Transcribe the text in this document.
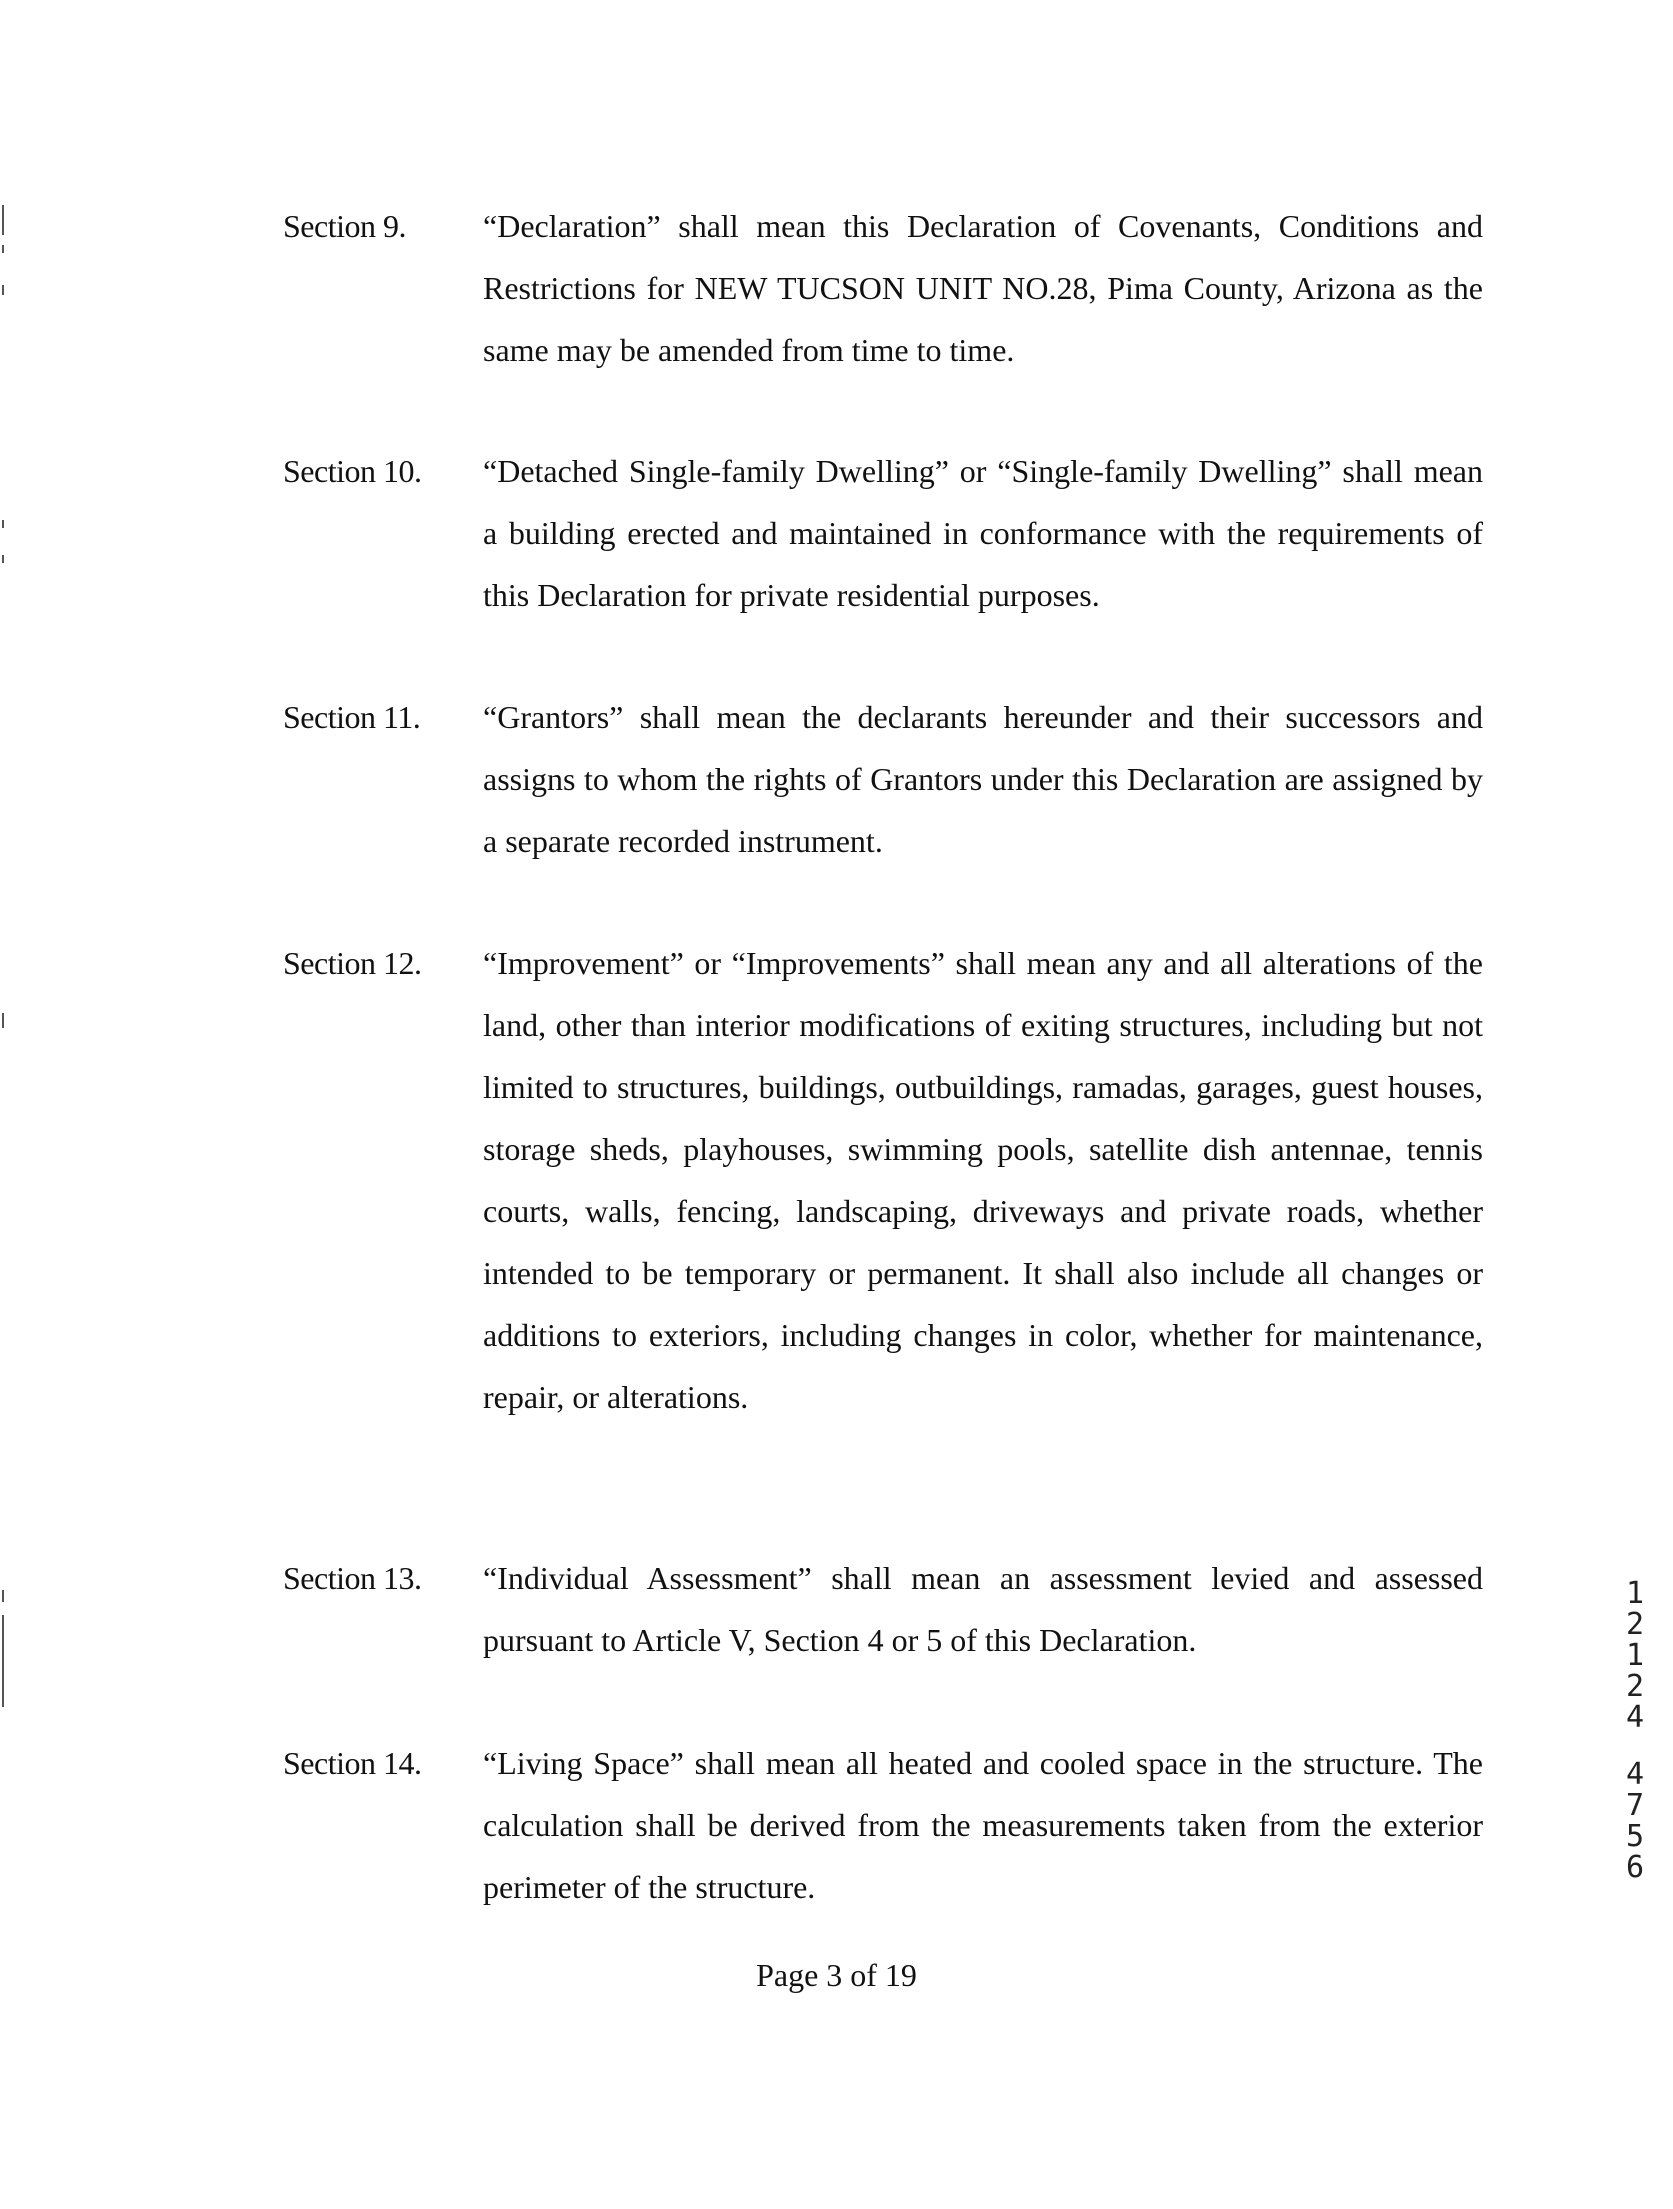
Section 9.	“Declaration” shall mean this Declaration of Covenants, Conditions and Restrictions for NEW TUCSON UNIT NO.28, Pima County, Arizona as the same may be amended from time to time.
Section 10.	“Detached Single-family Dwelling” or “Single-family Dwelling” shall mean a building erected and maintained in conformance with the requirements of this Declaration for private residential purposes.
Section 11.	“Grantors” shall mean the declarants hereunder and their successors and assigns to whom the rights of Grantors under this Declaration are assigned by a separate recorded instrument.
Section 12.	“Improvement” or “Improvements” shall mean any and all alterations of the land, other than interior modifications of exiting structures, including but not limited to structures, buildings, outbuildings, ramadas, garages, guest houses, storage sheds, playhouses, swimming pools, satellite dish antennae, tennis courts, walls, fencing, landscaping, driveways and private roads, whether intended to be temporary or permanent. It shall also include all changes or additions to exteriors, including changes in color, whether for maintenance, repair, or alterations.
Section 13.	“Individual Assessment” shall mean an assessment levied and assessed pursuant to Article V, Section 4 or 5 of this Declaration.
Section 14.	“Living Space” shall mean all heated and cooled space in the structure. The calculation shall be derived from the measurements taken from the exterior perimeter of the structure.
Page 3 of 19
1
2
1
2
4
4
7
5
6
